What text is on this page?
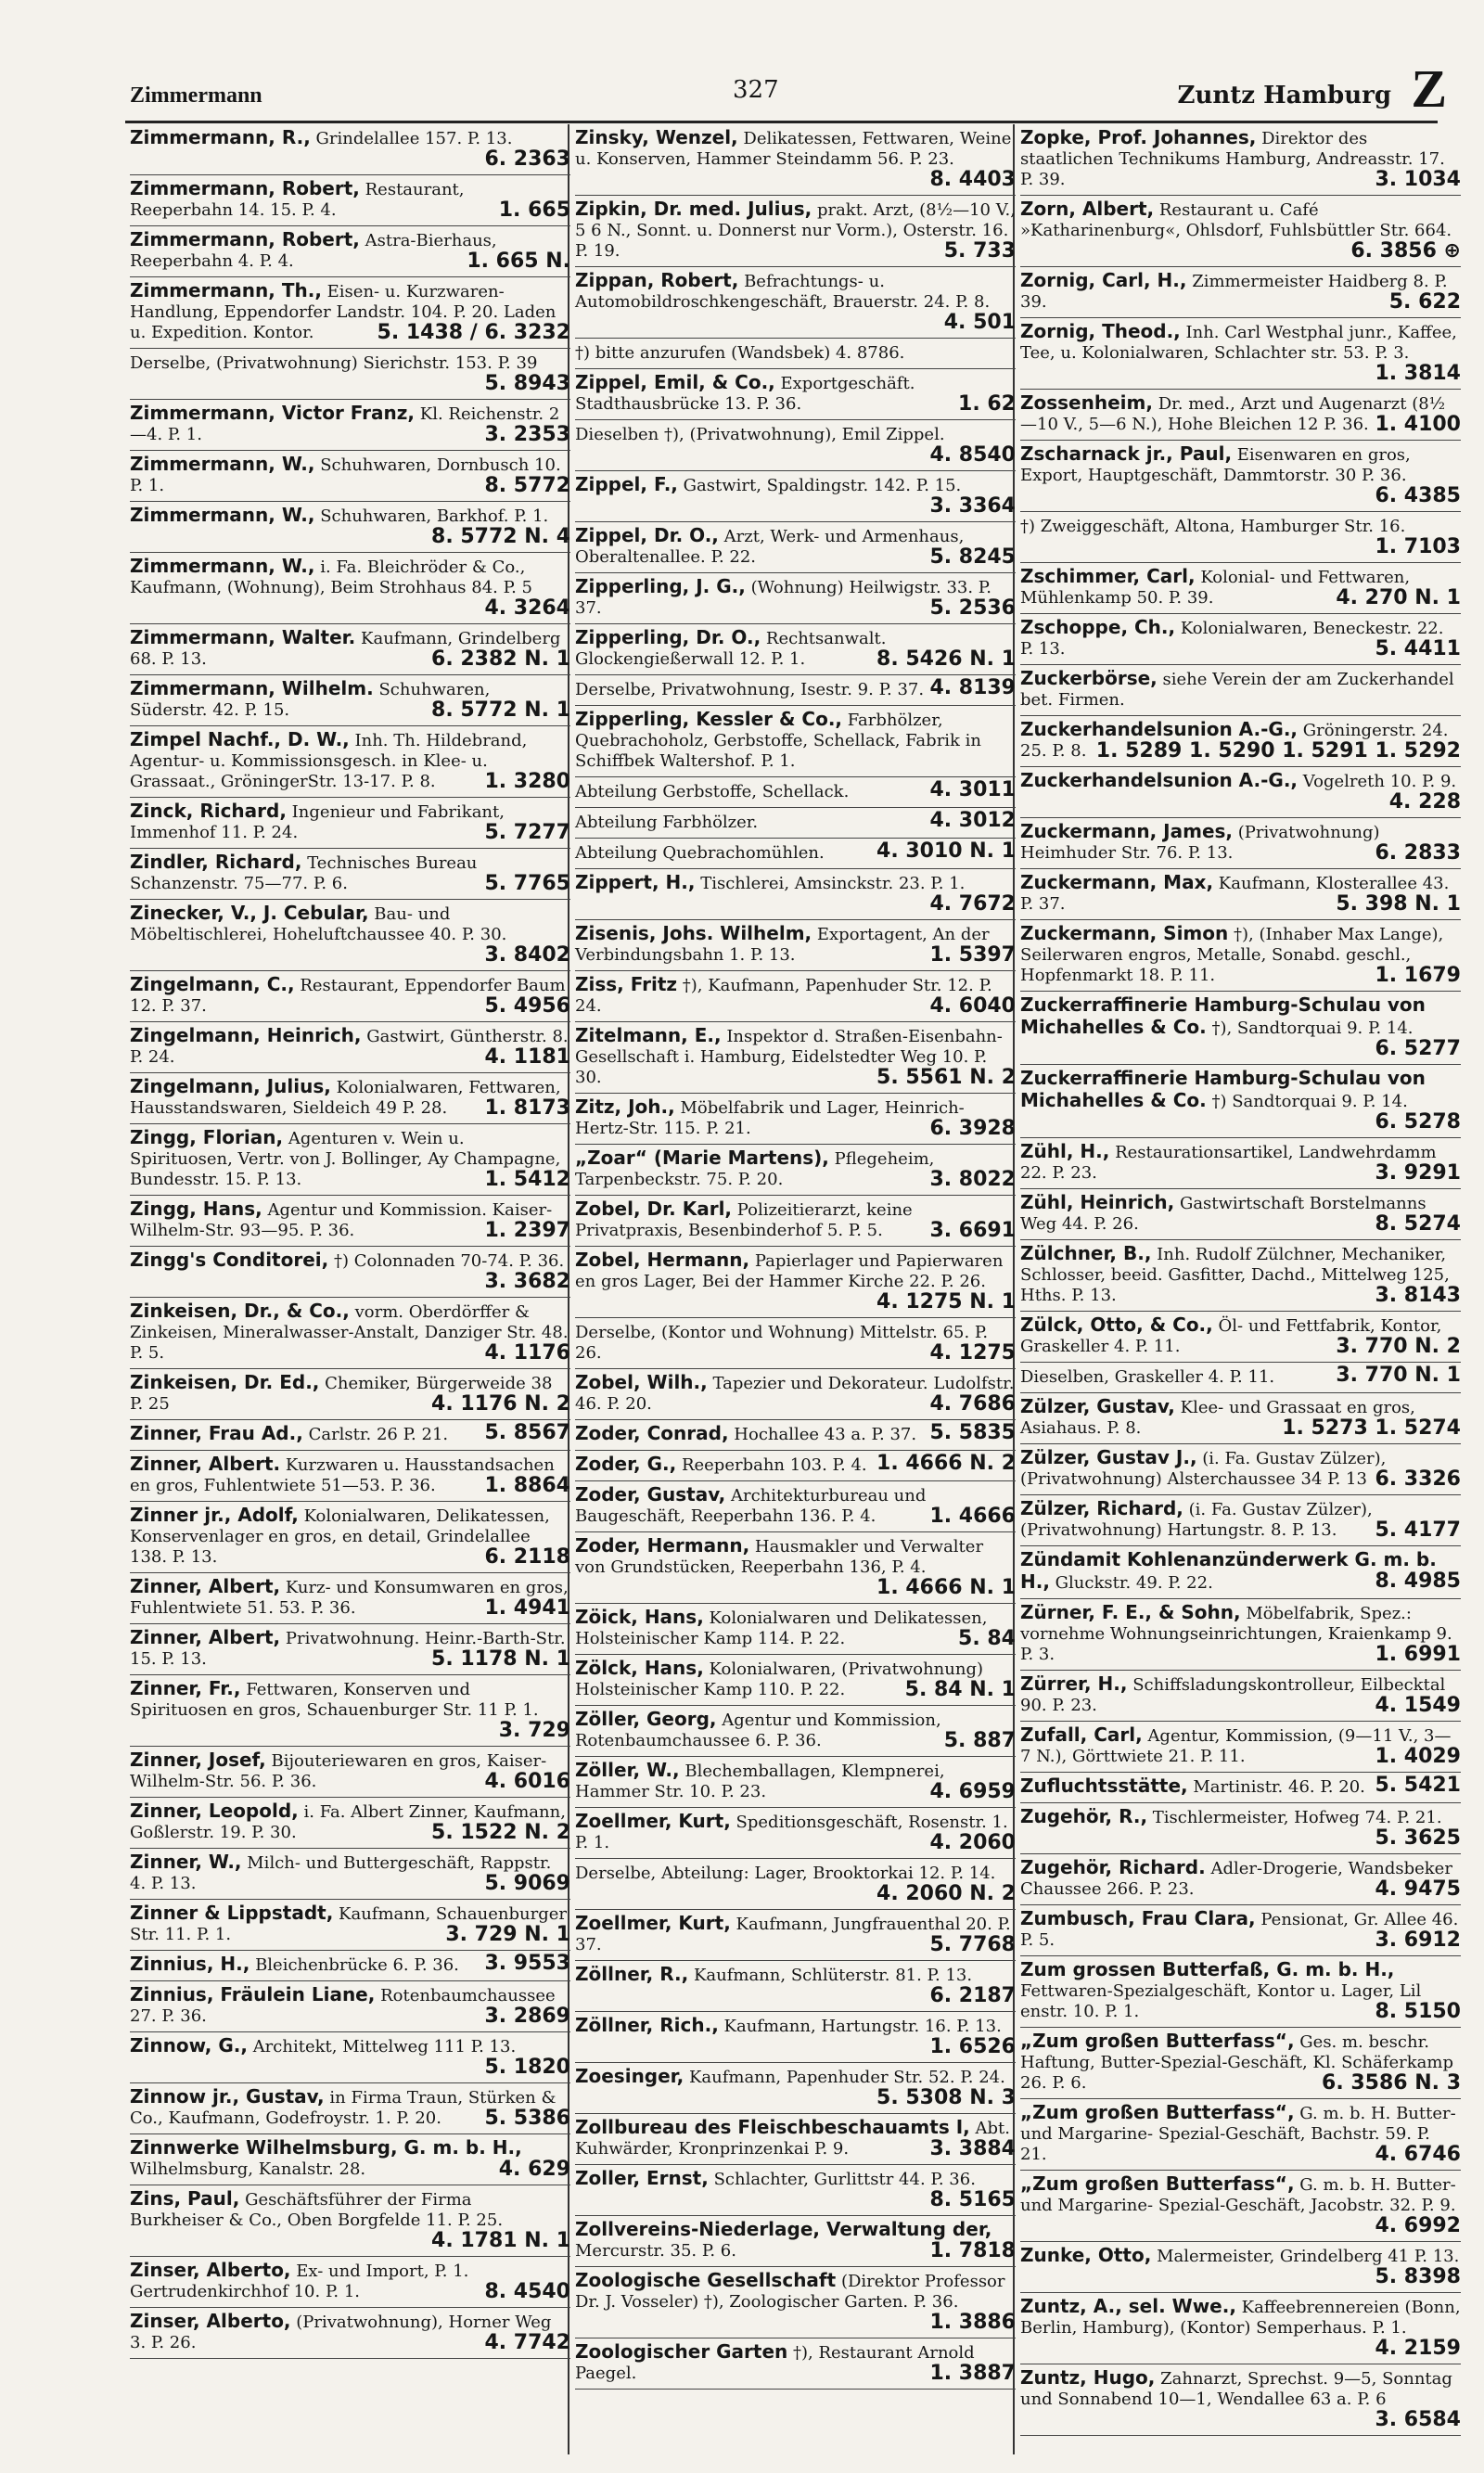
Zimmermann	327	Zuntz Hamburg Z
Zimmermann, R., Grindelallee 157. P. 13.
6. 2363
Zimmermann, Robert, Restaurant, Reeperbahn 14. 15. P. 4.	1. 665
Zimmermann, Robert, Astra-Bierhaus, Reeperbahn 4. P. 4.	1. 665 N.
Zimmermann, Th., Eisen- u. Kurzwaren-Handlung, Eppendorfer Landstr. 104. P. 20. Laden u. Expedition. Kontor.	5. 1438 / 6. 3232
Derselbe, (Privatwohnung) Sierichstr. 153. P. 39
5. 8943
Zimmermann, Victor Franz, Kl. Reichenstr. 2—4. P. 1.	3. 2353
Zimmermann, W., Schuhwaren, Dornbusch 10. P. 1.	8. 5772
Zimmermann, W., Schuhwaren, Barkhof. P. 1.
8. 5772 N. 4
Zimmermann, W., i. Fa. Bleichröder & Co., Kaufmann, (Wohnung), Beim Strohhaus 84. P. 5
4. 3264
Zimmermann, Walter. Kaufmann, Grindelberg 68. P. 13.	6. 2382 N. 1
Zimmermann, Wilhelm. Schuhwaren, Süderstr. 42. P. 15.	8. 5772 N. 1
Zimpel Nachf., D. W., Inh. Th. Hildebrand, Agentur- u. Kommissionsgesch. in Klee- u. Grassaat., GröningerStr. 13-17. P. 8. 1. 3280
Zinck, Richard, Ingenieur und Fabrikant, Immenhof 11. P. 24.	5. 7277
Zindler, Richard, Technisches Bureau Schanzenstr. 75—77. P. 6.	5. 7765
Zinecker, V., J. Cebular, Bau- und Möbeltischlerei, Hoheluftchaussee 40. P. 30.
3. 8402
Zingelmann, C., Restaurant, Eppendorfer Baum 12. P. 37.	5. 4956
Zingelmann, Heinrich, Gastwirt, Güntherstr. 8. P. 24.	4. 1181
Zingelmann, Julius, Kolonialwaren, Fettwaren, Hausstandswaren, Sieldeich 49 P. 28. 1. 8173
Zingg, Florian, Agenturen v. Wein u. Spirituosen, Vertr. von J. Bollinger, Ay Champagne, Bundesstr. 15. P. 13.	1. 5412
Zingg, Hans, Agentur und Kommission. Kaiser-Wilhelm-Str. 93—95. P. 36.	1. 2397
Zingg's Conditorei, †) Colonnaden 70-74. P. 36.
3. 3682
Zinkeisen, Dr., & Co., vorm. Oberdörffer & Zinkeisen, Mineralwasser-Anstalt, Danziger Str. 48. P. 5.	4. 1176
Zinkeisen, Dr. Ed., Chemiker, Bürgerweide 38 P. 25	4. 1176 N. 2
Zinner, Frau Ad., Carlstr. 26 P. 21. 5. 8567
Zinner, Albert. Kurzwaren u. Hausstandsachen en gros, Fuhlentwiete 51—53. P. 36. 1. 8864
Zinner jr., Adolf, Kolonialwaren, Delikatessen, Konservenlager en gros, en detail, Grindelallee 138. P. 13.	6. 2118
Zinner, Albert, Kurz- und Konsumwaren en gros, Fuhlentwiete 51. 53. P. 36.	1. 4941
Zinner, Albert, Privatwohnung. Heinr.-Barth-Str. 15. P. 13.	5. 1178 N. 1
Zinner, Fr., Fettwaren, Konserven und Spirituosen en gros, Schauenburger Str. 11 P. 1.
3. 729
Zinner, Josef, Bijouteriewaren en gros, Kaiser-Wilhelm-Str. 56. P. 36.	4. 6016
Zinner, Leopold, i. Fa. Albert Zinner, Kaufmann, Goßlerstr. 19. P. 30.	5. 1522 N. 2
Zinner, W., Milch- und Buttergeschäft, Rappstr. 4. P. 13.	5. 9069
Zinner & Lippstadt, Kaufmann, Schauenburger Str. 11. P. 1.	3. 729 N. 1
Zinnius, H., Bleichenbrücke 6. P. 36. 3. 9553
Zinnius, Fräulein Liane, Rotenbaumchaussee 27. P. 36.	3. 2869
Zinnow, G., Architekt, Mittelweg 111 P. 13.
5. 1820
Zinnow jr., Gustav, in Firma Traun, Stürken & Co., Kaufmann, Godefroystr. 1. P. 20. 5. 5386
Zinnwerke Wilhelmsburg, G. m. b. H., Wilhelmsburg, Kanalstr. 28.	4. 629
Zins, Paul, Geschäftsführer der Firma Burkheiser & Co., Oben Borgfelde 11. P. 25.
4. 1781 N. 1
Zinser, Alberto, Ex- und Import, P. 1. Gertrudenkirchhof 10. P. 1.	8. 4540
Zinser, Alberto, (Privatwohnung), Horner Weg 3. P. 26.	4. 7742
Zinsky, Wenzel, Delikatessen, Fettwaren, Weine u. Konserven, Hammer Steindamm 56. P. 23.
8. 4403
Zipkin, Dr. med. Julius, prakt. Arzt, (8½—10 V., 5 6 N., Sonnt. u. Donnerst nur Vorm.), Osterstr. 16. P. 19.	5. 733
Zippan, Robert, Befrachtungs- u. Automobildroschkengeschäft, Brauerstr. 24. P. 8.
4. 501
†) bitte anzurufen (Wandsbek) 4. 8786.
Zippel, Emil, & Co., Exportgeschäft. Stadthausbrücke 13. P. 36.	1. 62
Dieselben †), (Privatwohnung), Emil Zippel.
4. 8540
Zippel, F., Gastwirt, Spaldingstr. 142. P. 15.
3. 3364
Zippel, Dr. O., Arzt, Werk- und Armenhaus, Oberaltenallee. P. 22.	5. 8245
Zipperling, J. G., (Wohnung) Heilwigstr. 33. P. 37.	5. 2536
Zipperling, Dr. O., Rechtsanwalt. Glockengießerwall 12. P. 1.	8. 5426 N. 1
Derselbe, Privatwohnung, Isestr. 9. P. 37. 4. 8139
Zipperling, Kessler & Co., Farbhölzer, Quebrachoholz, Gerbstoffe, Schellack, Fabrik in Schiffbek Waltershof. P. 1.
Abteilung Gerbstoffe, Schellack.	4. 3011
Abteilung Farbhölzer.	4. 3012
Abteilung Quebrachomühlen.	4. 3010 N. 1
Zippert, H., Tischlerei, Amsinckstr. 23. P. 1.
4. 7672
Zisenis, Johs. Wilhelm, Exportagent, An der Verbindungsbahn 1. P. 13.	1. 5397
Ziss, Fritz †), Kaufmann, Papenhuder Str. 12. P. 24.	4. 6040
Zitelmann, E., Inspektor d. Straßen-Eisenbahn-Gesellschaft i. Hamburg, Eidelstedter Weg 10. P. 30.	5. 5561 N. 2
Zitz, Joh., Möbelfabrik und Lager, Heinrich-Hertz-Str. 115. P. 21.	6. 3928
„Zoar“ (Marie Martens), Pflegeheim, Tarpenbeckstr. 75. P. 20.	3. 8022
Zobel, Dr. Karl, Polizeitierarzt, keine Privatpraxis, Besenbinderhof 5. P. 5. 3. 6691
Zobel, Hermann, Papierlager und Papierwaren en gros Lager, Bei der Hammer Kirche 22. P. 26.
4. 1275 N. 1
Derselbe, (Kontor und Wohnung) Mittelstr. 65. P. 26.	4. 1275
Zobel, Wilh., Tapezier und Dekorateur. Ludolfstr. 46. P. 20.	4. 7686
Zoder, Conrad, Hochallee 43 a. P. 37. 5. 5835
Zoder, G., Reeperbahn 103. P. 4. 1. 4666 N. 2
Zoder, Gustav, Architekturbureau und Baugeschäft, Reeperbahn 136. P. 4.	1. 4666
Zoder, Hermann, Hausmakler und Verwalter von Grundstücken, Reeperbahn 136, P. 4.
1. 4666 N. 1
Zöick, Hans, Kolonialwaren und Delikatessen, Holsteinischer Kamp 114. P. 22.	5. 84
Zölck, Hans, Kolonialwaren, (Privatwohnung) Holsteinischer Kamp 110. P. 22.	5. 84 N. 1
Zöller, Georg, Agentur und Kommission, Rotenbaumchaussee 6. P. 36.	5. 887
Zöller, W., Blechemballagen, Klempnerei, Hammer Str. 10. P. 23.	4. 6959
Zoellmer, Kurt, Speditionsgeschäft, Rosenstr. 1. P. 1.	4. 2060
Derselbe, Abteilung: Lager, Brooktorkai 12. P. 14.
4. 2060 N. 2
Zoellmer, Kurt, Kaufmann, Jungfrauenthal 20. P. 37.	5. 7768
Zöllner, R., Kaufmann, Schlüterstr. 81. P. 13.
6. 2187
Zöllner, Rich., Kaufmann, Hartungstr. 16. P. 13.
1. 6526
Zoesinger, Kaufmann, Papenhuder Str. 52. P. 24.
5. 5308 N. 3
Zollbureau des Fleischbeschauamts I, Abt. Kuhwärder, Kronprinzenkai P. 9.	3. 3884
Zoller, Ernst, Schlachter, Gurlittstr 44. P. 36.
8. 5165
Zollvereins-Niederlage, Verwaltung der, Mercurstr. 35. P. 6.	1. 7818
Zoologische Gesellschaft (Direktor Professor Dr. J. Vosseler) †), Zoologischer Garten. P. 36.
1. 3886
Zoologischer Garten †), Restaurant Arnold Paegel.	1. 3887
Zopke, Prof. Johannes, Direktor des staatlichen Technikums Hamburg, Andreasstr. 17. P. 39.	3. 1034
Zorn, Albert, Restaurant u. Café »Katharinenburg«, Ohlsdorf, Fuhlsbüttler Str. 664.
6. 3856 ⊕
Zornig, Carl, H., Zimmermeister Haidberg 8. P. 39.	5. 622
Zornig, Theod., Inh. Carl Westphal junr., Kaffee, Tee, u. Kolonialwaren, Schlachter str. 53. P. 3.
1. 3814
Zossenheim, Dr. med., Arzt und Augenarzt (8½—10 V., 5—6 N.), Hohe Bleichen 12 P. 36. 1. 4100
Zscharnack jr., Paul, Eisenwaren en gros, Export, Hauptgeschäft, Dammtorstr. 30 P. 36.
6. 4385
†) Zweiggeschäft, Altona, Hamburger Str. 16.
1. 7103
Zschimmer, Carl, Kolonial- und Fettwaren, Mühlenkamp 50. P. 39.	4. 270 N. 1
Zschoppe, Ch., Kolonialwaren, Beneckestr. 22. P. 13.	5. 4411
Zuckerbörse, siehe Verein der am Zuckerhandel bet. Firmen.
Zuckerhandelsunion A.-G., Gröningerstr. 24. 25. P. 8. 1. 5289 1. 5290 1. 5291 1. 5292
Zuckerhandelsunion A.-G., Vogelreth 10. P. 9.
4. 228
Zuckermann, James, (Privatwohnung) Heimhuder Str. 76. P. 13.	6. 2833
Zuckermann, Max, Kaufmann, Klosterallee 43. P. 37.	5. 398 N. 1
Zuckermann, Simon †), (Inhaber Max Lange), Seilerwaren engros, Metalle, Sonabd. geschl., Hopfenmarkt 18. P. 11.	1. 1679
Zuckerraffinerie Hamburg-Schulau von Michahelles & Co. †), Sandtorquai 9. P. 14.
6. 5277
Zuckerraffinerie Hamburg-Schulau von Michahelles & Co. †) Sandtorquai 9. P. 14.
6. 5278
Zühl, H., Restaurationsartikel, Landwehrdamm 22. P. 23.	3. 9291
Zühl, Heinrich, Gastwirtschaft Borstelmanns Weg 44. P. 26.	8. 5274
Zülchner, B., Inh. Rudolf Zülchner, Mechaniker, Schlosser, beeid. Gasfitter, Dachd., Mittelweg 125, Hths. P. 13.	3. 8143
Zülck, Otto, & Co., Öl- und Fettfabrik, Kontor, Graskeller 4. P. 11.	3. 770 N. 2
Dieselben, Graskeller 4. P. 11.	3. 770 N. 1
Zülzer, Gustav, Klee- und Grassaat en gros, Asiahaus. P. 8.	1. 5273 1. 5274
Zülzer, Gustav J., (i. Fa. Gustav Zülzer), (Privatwohnung) Alsterchaussee 34 P. 13 6. 3326
Zülzer, Richard, (i. Fa. Gustav Zülzer), (Privatwohnung) Hartungstr. 8. P. 13. 5. 4177
Zündamit Kohlenanzünderwerk G. m. b. H., Gluckstr. 49. P. 22.	8. 4985
Zürner, F. E., & Sohn, Möbelfabrik, Spez.: vornehme Wohnungseinrichtungen, Kraienkamp 9. P. 3.	1. 6991
Zürrer, H., Schiffsladungskontrolleur, Eilbecktal 90. P. 23.	4. 1549
Zufall, Carl, Agentur, Kommission, (9—11 V., 3—7 N.), Görttwiete 21. P. 11.	1. 4029
Zufluchtsstätte, Martinistr. 46. P. 20. 5. 5421
Zugehör, R., Tischlermeister, Hofweg 74. P. 21.
5. 3625
Zugehör, Richard. Adler-Drogerie, Wandsbeker Chaussee 266. P. 23.	4. 9475
Zumbusch, Frau Clara, Pensionat, Gr. Allee 46. P. 5.	3. 6912
Zum grossen Butterfaß, G. m. b. H., Fettwaren-Spezialgeschäft, Kontor u. Lager, Lil enstr. 10. P. 1.	8. 5150
„Zum großen Butterfass“, Ges. m. beschr. Haftung, Butter-Spezial-Geschäft, Kl. Schäferkamp 26. P. 6.	6. 3586 N. 3
„Zum großen Butterfass“, G. m. b. H. Butter- und Margarine- Spezial-Geschäft, Bachstr. 59. P. 21.	4. 6746
„Zum großen Butterfass“, G. m. b. H. Butter- und Margarine- Spezial-Geschäft, Jacobstr. 32. P. 9.
4. 6992
Zunke, Otto, Malermeister, Grindelberg 41 P. 13.
5. 8398
Zuntz, A., sel. Wwe., Kaffeebrennereien (Bonn, Berlin, Hamburg), (Kontor) Semperhaus. P. 1.
4. 2159
Zuntz, Hugo, Zahnarzt, Sprechst. 9—5, Sonntag und Sonnabend 10—1, Wendallee 63 a. P. 6
3. 6584
